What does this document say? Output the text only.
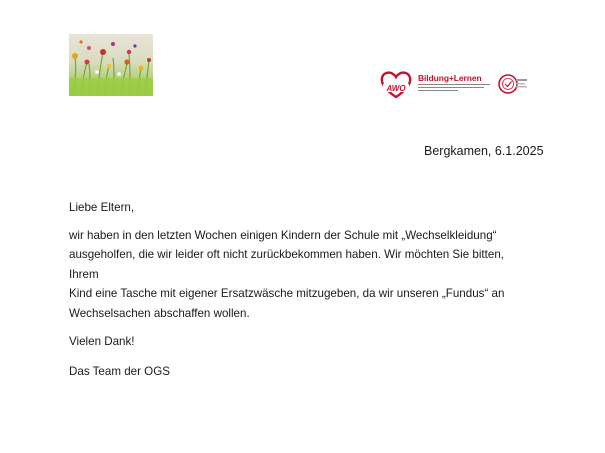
AWO
Bildung+Lernen
Bergkamen, 6.1.2025

Liebe Eltern,

wir haben in den letzten Wochen einigen Kindern der Schule mit „Wechselkleidung“
ausgeholfen, die wir leider oft nicht zurückbekommen haben. Wir möchten Sie bitten, Ihrem
Kind eine Tasche mit eigener Ersatzwäsche mitzugeben, da wir unseren „Fundus“ an
Wechselsachen abschaffen wollen.

Vielen Dank!

Das Team der OGS
